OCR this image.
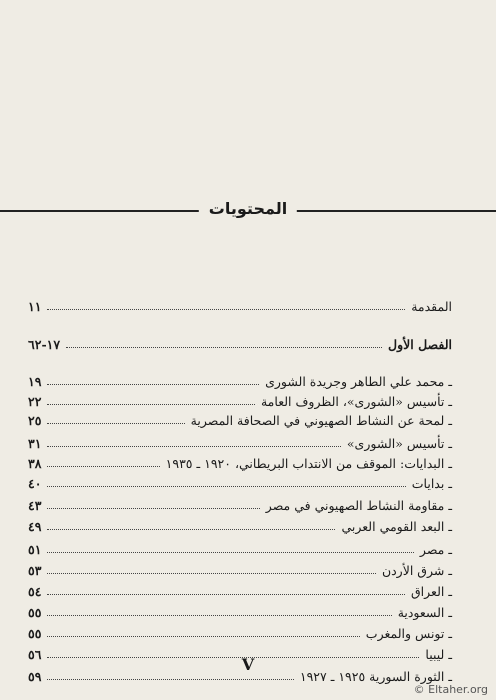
المحتويات
المقدمة
١١
الفصل الأول
١٧-٦٢
ـ محمد علي الطاهر وجريدة الشورى
١٩
ـ تأسيس «الشورى»، الظروف العامة
٢٢
ـ لمحة عن النشاط الصهيوني في الصحافة المصرية
٢٥
ـ تأسيس «الشورى»
٣١
ـ البدايات: الموقف من الانتداب البريطاني، ١٩٢٠ ـ ١٩٣٥
٣٨
ـ بدايات
٤٠
ـ مقاومة النشاط الصهيوني في مصر
٤٣
ـ البعد القومي العربي
٤٩
ـ مصر
٥١
ـ شرق الأردن
٥٣
ـ العراق
٥٤
ـ السعودية
٥٥
ـ تونس والمغرب
٥٥
ـ ليبيا
٥٦
ـ الثورة السورية ١٩٢٥ ـ ١٩٢٧
٥٩
V
© Eltaher.org
